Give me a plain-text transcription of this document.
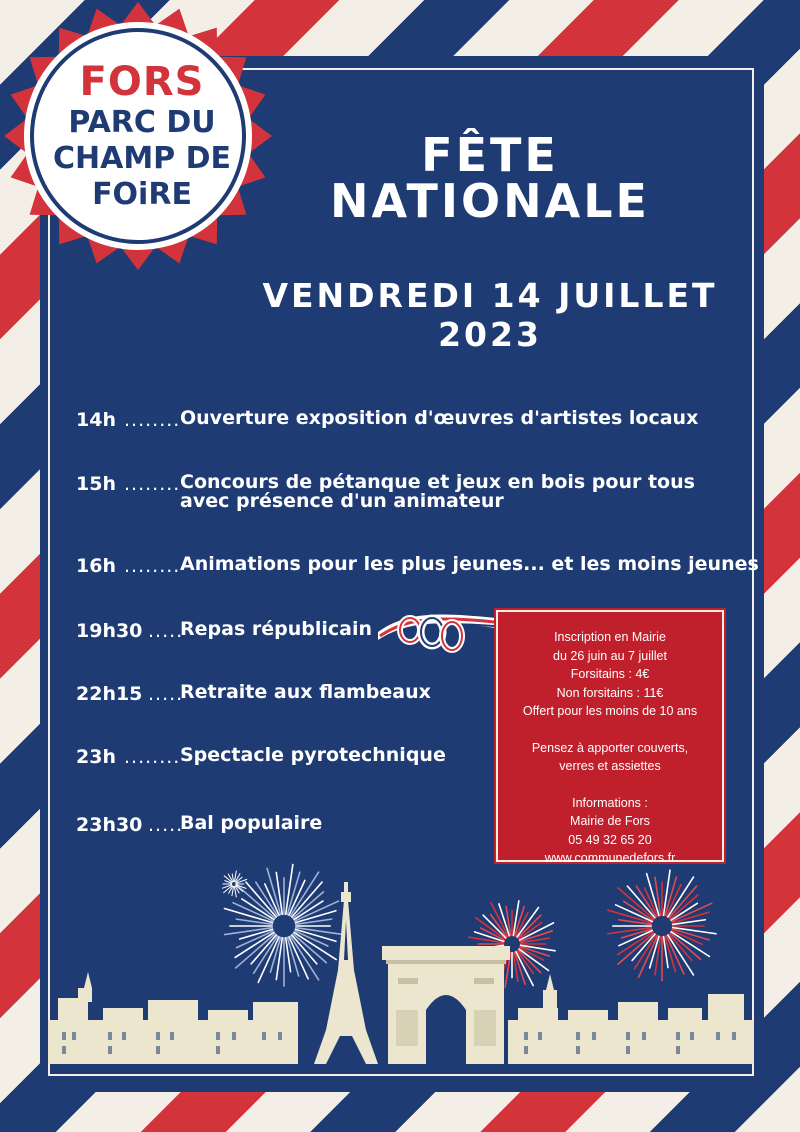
FORS
PARC DU
CHAMP DE
FOiRE
FÊTE
NATIONALE
VENDREDI 14 JUILLET 2023
14h ........ Ouverture exposition d'œuvres d'artistes locaux
15h ........ Concours de pétanque et jeux en bois pour tous
avec présence d'un animateur
16h ........ Animations pour les plus jeunes... et les moins jeunes
19h30 .....
Repas républicain
22h15 .....
Retraite aux flambeaux
23h ........ Spectacle pyrotechnique
23h30 .....
Bal populaire
Inscription en Mairie
du 26 juin au 7 juillet
Forsitains : 4€
Non forsitains : 11€
Offert pour les moins de 10 ans
Pensez à apporter couverts,
verres et assiettes
Informations :
Mairie de Fors
05 49 32 65 20
www.communedefors.fr
